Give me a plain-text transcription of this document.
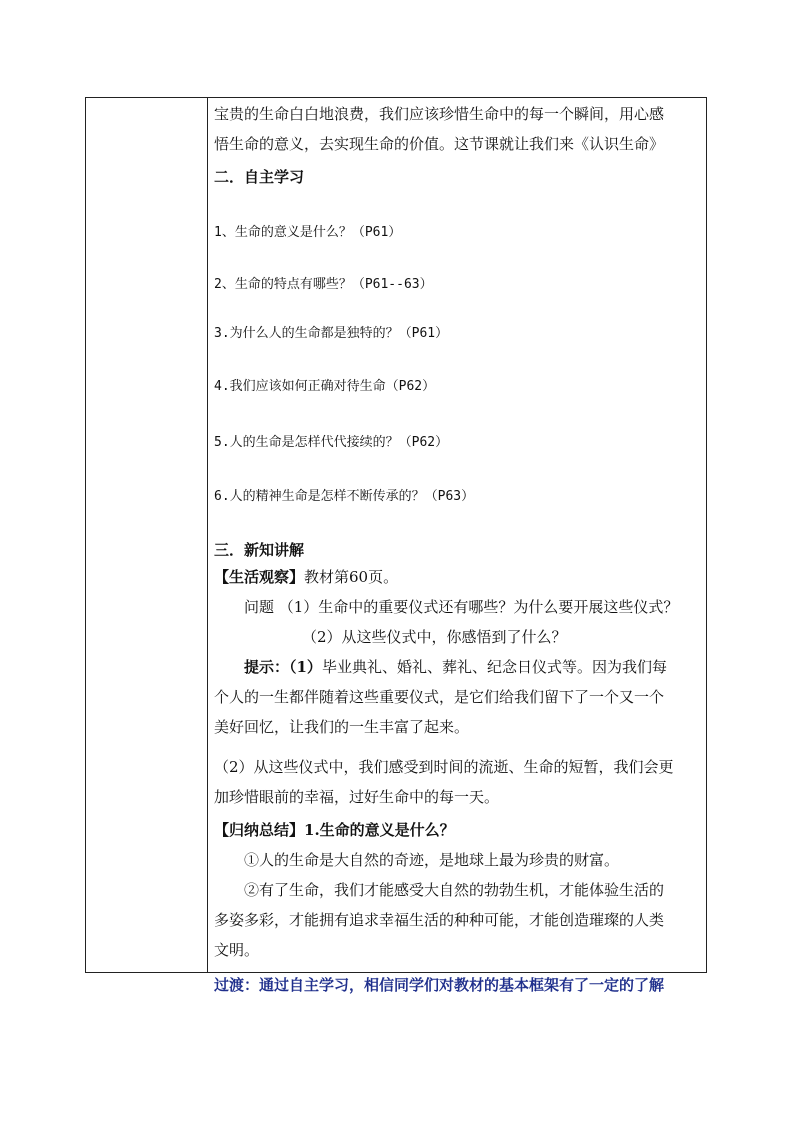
宝贵的生命白白地浪费，我们应该珍惜生命中的每一个瞬间，用心感
悟生命的意义，去实现生命的价值。这节课就让我们来《认识生命》
二．自主学习
1、生命的意义是什么？（P61）
2、生命的特点有哪些？（P61--63）
3.为什么人的生命都是独特的？（P61）
4.我们应该如何正确对待生命（P62）
5.人的生命是怎样代代接续的？（P62）
6.人的精神生命是怎样不断传承的？（P63）
三．新知讲解
【生活观察】教材第60页。
问题 （1）生命中的重要仪式还有哪些？为什么要开展这些仪式？
（2）从这些仪式中，你感悟到了什么？
提示：（1）毕业典礼、婚礼、葬礼、纪念日仪式等。因为我们每
个人的一生都伴随着这些重要仪式，是它们给我们留下了一个又一个
美好回忆，让我们的一生丰富了起来。
（2）从这些仪式中，我们感受到时间的流逝、生命的短暂，我们会更
加珍惜眼前的幸福，过好生命中的每一天。
【归纳总结】1.生命的意义是什么？
①人的生命是大自然的奇迹，是地球上最为珍贵的财富。
②有了生命，我们才能感受大自然的勃勃生机，才能体验生活的
多姿多彩，才能拥有追求幸福生活的种种可能，才能创造璀璨的人类
文明。
过渡：通过自主学习，相信同学们对教材的基本框架有了一定的了解
